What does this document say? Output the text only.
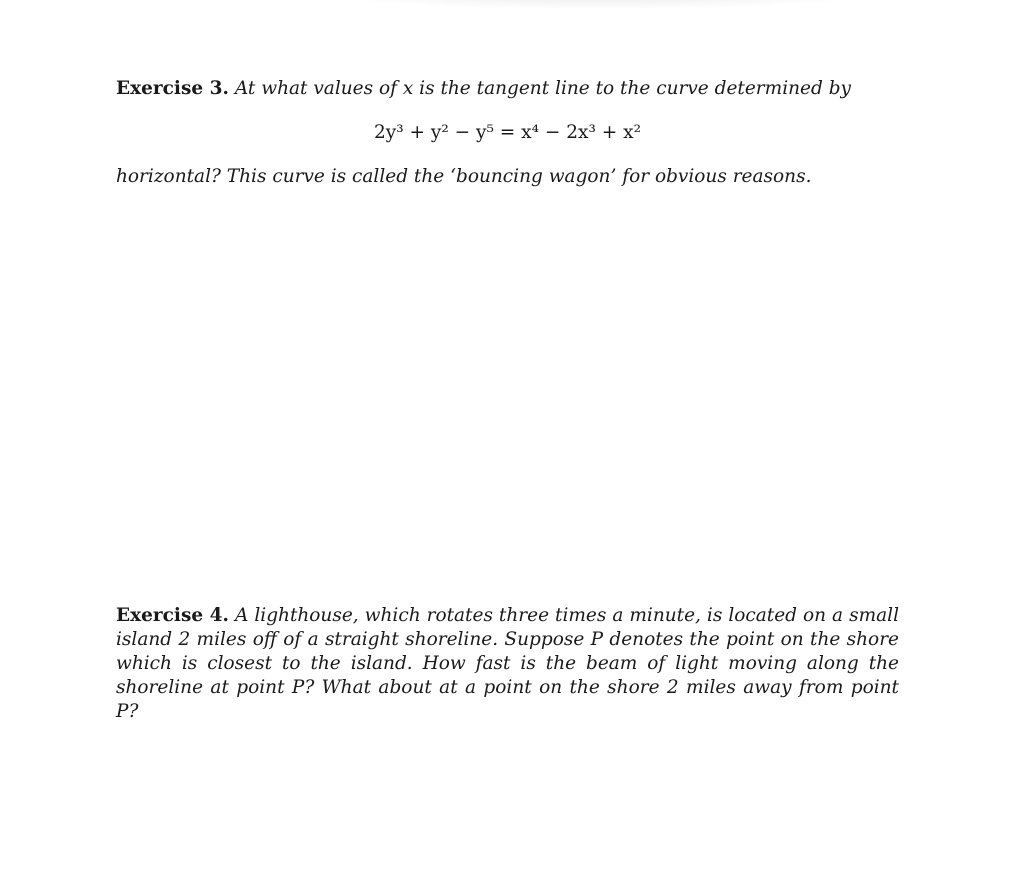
Exercise 3. At what values of x is the tangent line to the curve determined by
2y³ + y² − y⁵ = x⁴ − 2x³ + x²
horizontal? This curve is called the ‘bouncing wagon’ for obvious reasons.
Exercise 4. A lighthouse, which rotates three times a minute, is located on a small island 2 miles off of a straight shoreline. Suppose P denotes the point on the shore which is closest to the island. How fast is the beam of light moving along the shoreline at point P? What about at a point on the shore 2 miles away from point P?
